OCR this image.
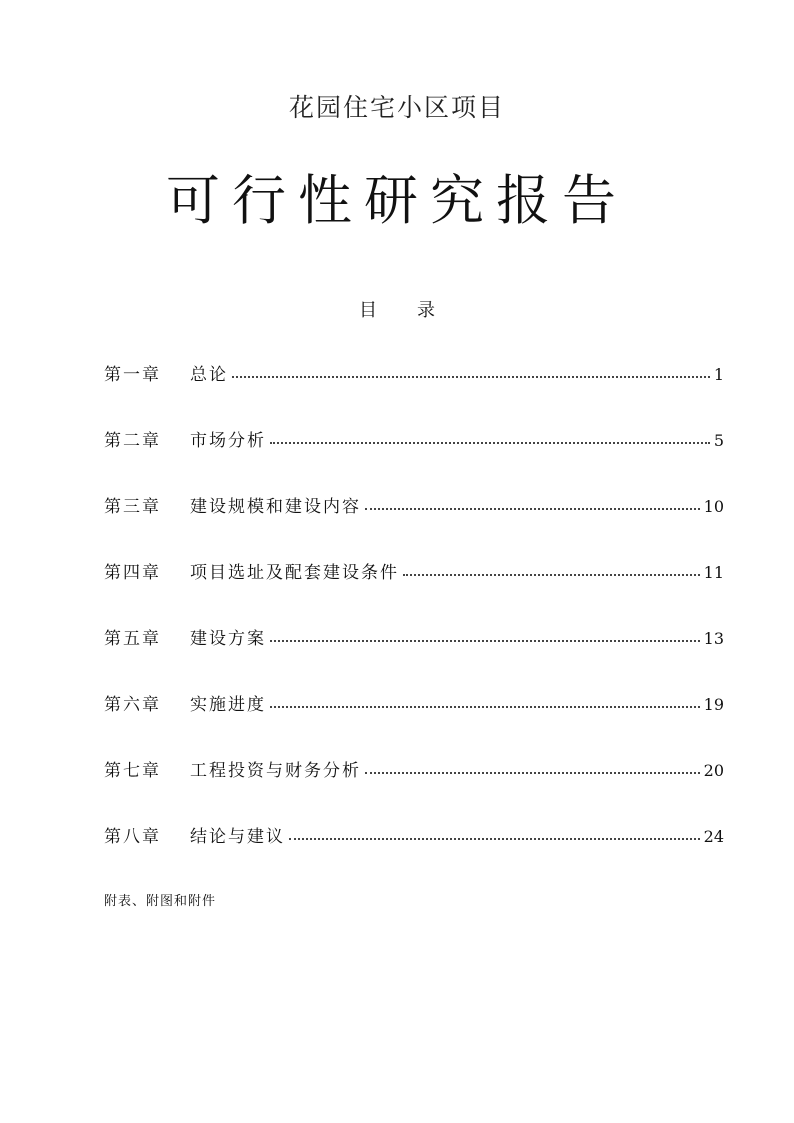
花园住宅小区项目
可行性研究报告
目 录
第一章	总论	1
第二章	市场分析	5
第三章	建设规模和建设内容	10
第四章	项目选址及配套建设条件	11
第五章	建设方案	13
第六章	实施进度	19
第七章	工程投资与财务分析	20
第八章	结论与建议	24
附表、附图和附件
